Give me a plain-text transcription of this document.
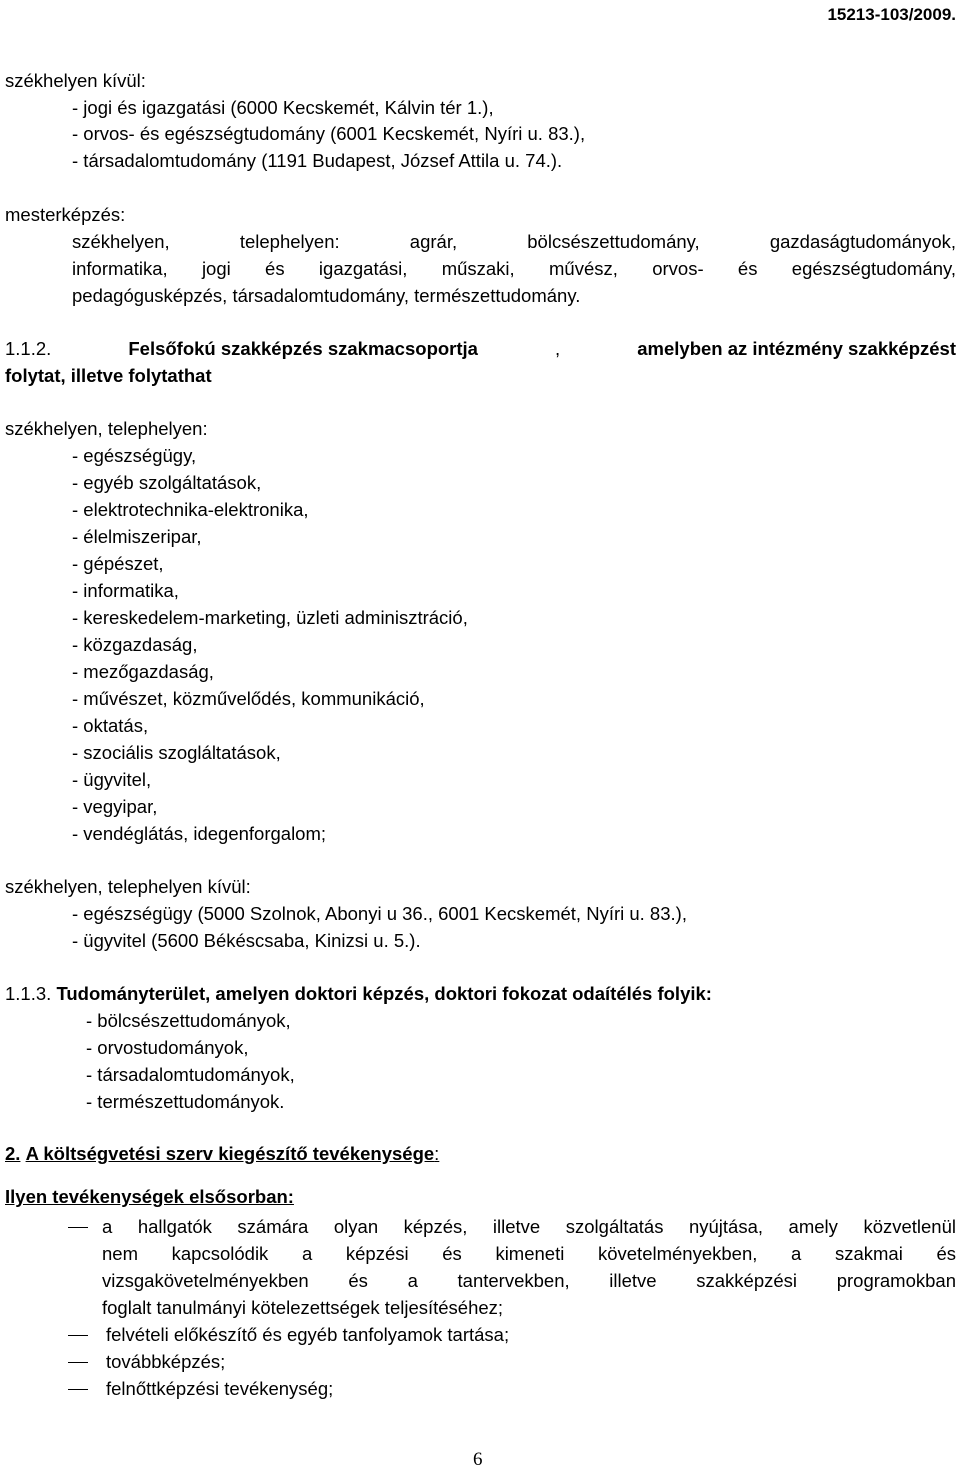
15213-103/2009.
székhelyen kívül:
- jogi és igazgatási (6000 Kecskemét, Kálvin tér 1.),
- orvos- és egészségtudomány (6001 Kecskemét, Nyíri u. 83.),
- társadalomtudomány (1191 Budapest, József Attila u. 74.).
mesterképzés:
székhelyen, telephelyen: agrár, bölcsészettudomány, gazdaságtudományok,
informatika, jogi és igazgatási, műszaki, művész, orvos- és egészségtudomány,
pedagógusképzés, társadalomtudomány, természettudomány.
1.1.2.	Felsőfokú szakképzés szakmacsoportja	,	amelyben az intézmény szakképzést
folytat, illetve folytathat
székhelyen, telephelyen:
- egészségügy,
- egyéb szolgáltatások,
- elektrotechnika-elektronika,
- élelmiszeripar,
- gépészet,
- informatika,
- kereskedelem-marketing, üzleti adminisztráció,
- közgazdaság,
- mezőgazdaság,
- művészet, közművelődés, kommunikáció,
- oktatás,
- szociális szogláltatások,
- ügyvitel,
- vegyipar,
- vendéglátás, idegenforgalom;
székhelyen, telephelyen kívül:
- egészségügy (5000 Szolnok, Abonyi u 36., 6001 Kecskemét, Nyíri u. 83.),
- ügyvitel (5600 Békéscsaba, Kinizsi u. 5.).
1.1.3. Tudományterület, amelyen doktori képzés, doktori fokozat odaítélés folyik:
- bölcsészettudományok,
- orvostudományok,
- társadalomtudományok,
- természettudományok.
2. A költségvetési szerv kiegészítő tevékenysége:
Ilyen tevékenységek elsősorban:
a hallgatók számára olyan képzés, illetve szolgáltatás nyújtása, amely közvetlenül
nem kapcsolódik a képzési és kimeneti követelményekben, a szakmai és
vizsgakövetelményekben és a tantervekben, illetve szakképzési programokban
foglalt tanulmányi kötelezettségek teljesítéséhez;
felvételi előkészítő és egyéb tanfolyamok tartása;
továbbképzés;
felnőttképzési tevékenység;
6
